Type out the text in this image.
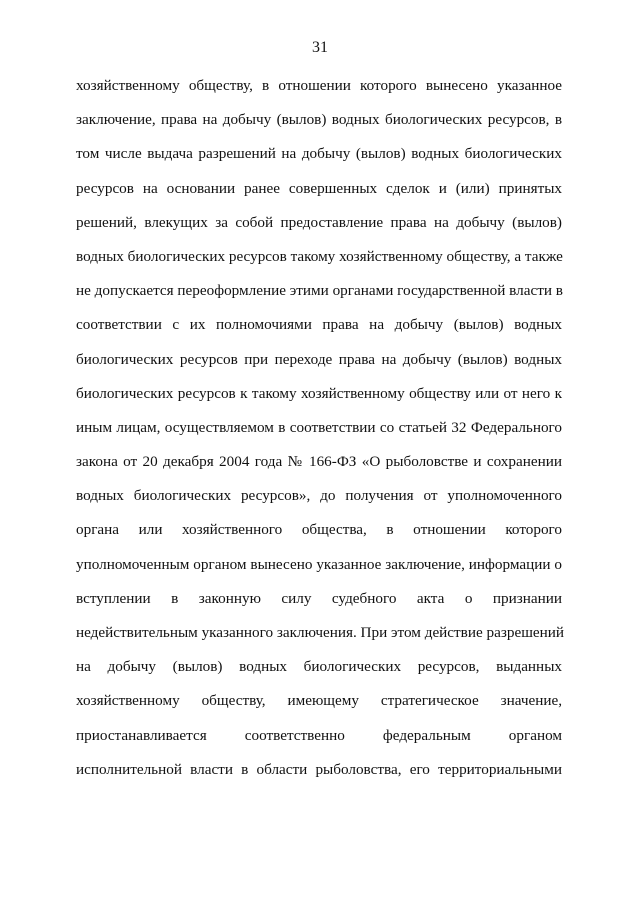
31
хозяйственному обществу, в отношении которого вынесено указанное
заключение, права на добычу (вылов) водных биологических ресурсов, в
том числе выдача разрешений на добычу (вылов) водных биологических
ресурсов на основании ранее совершенных сделок и (или) принятых
решений, влекущих за собой предоставление права на добычу (вылов)
водных биологических ресурсов такому хозяйственному обществу, а также
не допускается переоформление этими органами государственной власти в
соответствии с их полномочиями права на добычу (вылов) водных
биологических ресурсов при переходе права на добычу (вылов) водных
биологических ресурсов к такому хозяйственному обществу или от него к
иным лицам, осуществляемом в соответствии со статьей 32 Федерального
закона от 20 декабря 2004 года № 166-ФЗ «О рыболовстве и сохранении
водных биологических ресурсов», до получения от уполномоченного
органа или хозяйственного общества, в отношении которого
уполномоченным органом вынесено указанное заключение, информации о
вступлении в законную силу судебного акта о признании
недействительным указанного заключения. При этом действие разрешений
на добычу (вылов) водных биологических ресурсов, выданных
хозяйственному обществу, имеющему стратегическое значение,
приостанавливается соответственно федеральным органом
исполнительной власти в области рыболовства, его территориальными
